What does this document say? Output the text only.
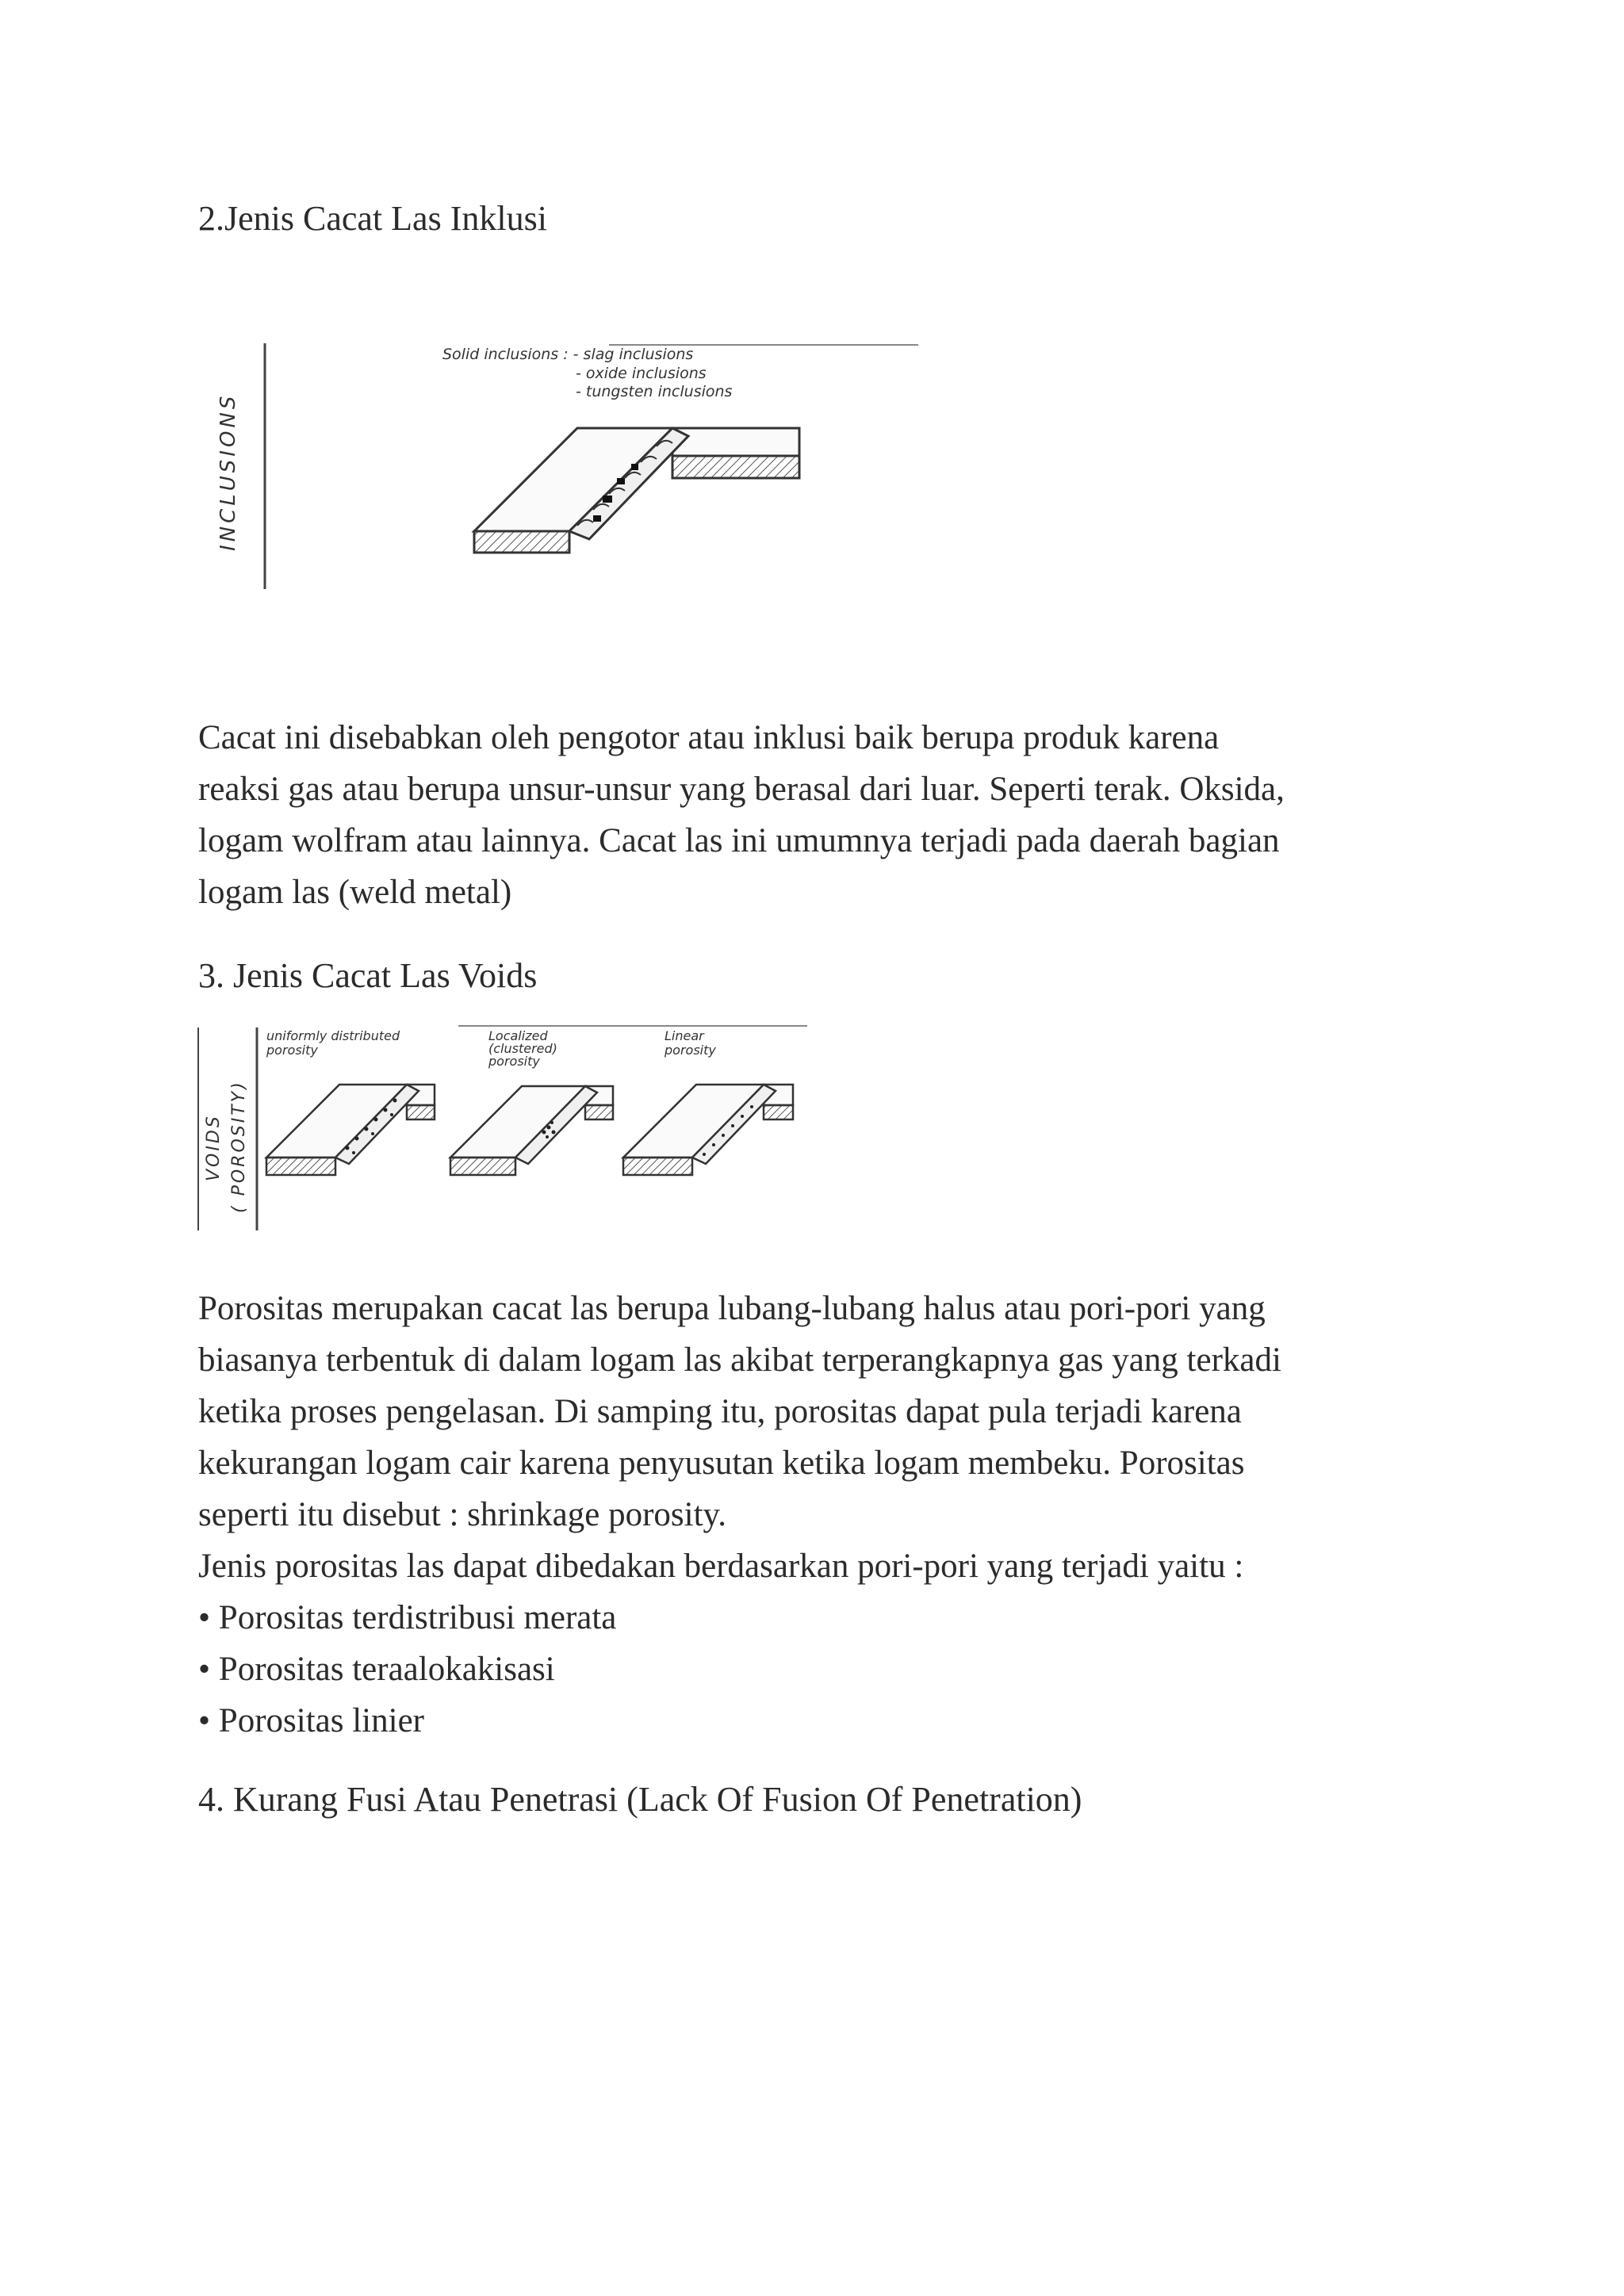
2.Jenis Cacat Las Inklusi
INCLUSIONS
Solid inclusions : - slag inclusions
- oxide inclusions
- tungsten inclusions

Cacat ini disebabkan oleh pengotor atau inklusi baik berupa produk karena

reaksi gas atau berupa unsur-unsur yang berasal dari luar. Seperti terak. Oksida,

logam wolfram atau lainnya. Cacat las ini umumnya terjadi pada daerah bagian

logam las (weld metal)

3. Jenis Cacat Las Voids
VOIDS ( POROSITY)
uniformly distributed
porosity
Localized
(clustered)
porosity
Linear
porosity

Porositas merupakan cacat las berupa lubang-lubang halus atau pori-pori yang

biasanya terbentuk di dalam logam las akibat terperangkapnya gas yang terkadi

ketika proses pengelasan. Di samping itu, porositas dapat pula terjadi karena

kekurangan logam cair karena penyusutan ketika logam membeku. Porositas

seperti itu disebut : shrinkage porosity.

Jenis porositas las dapat dibedakan berdasarkan pori-pori yang terjadi yaitu :

• Porositas terdistribusi merata
• Porositas teraalokakisasi
• Porositas linier
4. Kurang Fusi Atau Penetrasi (Lack Of Fusion Of Penetration)
